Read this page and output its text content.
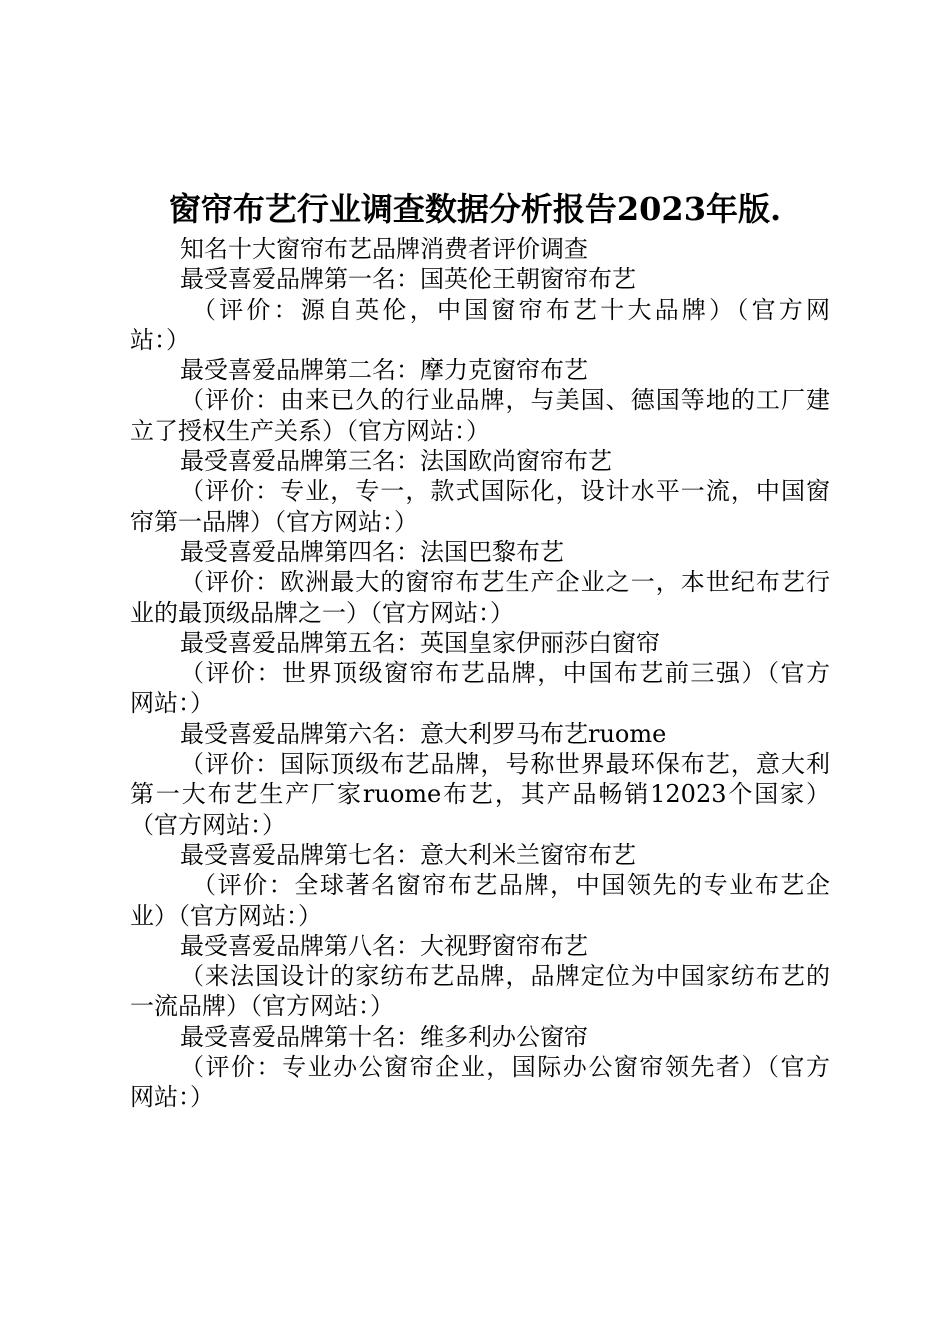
窗帘布艺行业调查数据分析报告2023年版.
知名十大窗帘布艺品牌消费者评价调查
最受喜爱品牌第一名：国英伦王朝窗帘布艺
（评价：源自英伦，中国窗帘布艺十大品牌）（官方网
站：）
最受喜爱品牌第二名：摩力克窗帘布艺
（评价：由来已久的行业品牌，与美国、德国等地的工厂建
立了授权生产关系）（官方网站：）
最受喜爱品牌第三名：法国欧尚窗帘布艺
（评价：专业，专一，款式国际化，设计水平一流，中国窗
帘第一品牌）（官方网站：）
最受喜爱品牌第四名：法国巴黎布艺
（评价：欧洲最大的窗帘布艺生产企业之一，本世纪布艺行
业的最顶级品牌之一）（官方网站：）
最受喜爱品牌第五名：英国皇家伊丽莎白窗帘
（评价：世界顶级窗帘布艺品牌，中国布艺前三强）（官方
网站：）
最受喜爱品牌第六名：意大利罗马布艺ruome
（评价：国际顶级布艺品牌，号称世界最环保布艺，意大利
第一大布艺生产厂家ruome布艺，其产品畅销12023个国家）
（官方网站：）
最受喜爱品牌第七名：意大利米兰窗帘布艺
（评价：全球著名窗帘布艺品牌，中国领先的专业布艺企
业）（官方网站：）
最受喜爱品牌第八名：大视野窗帘布艺
（来法国设计的家纺布艺品牌，品牌定位为中国家纺布艺的
一流品牌）（官方网站：）
最受喜爱品牌第十名：维多利办公窗帘
（评价：专业办公窗帘企业，国际办公窗帘领先者）（官方
网站：）
